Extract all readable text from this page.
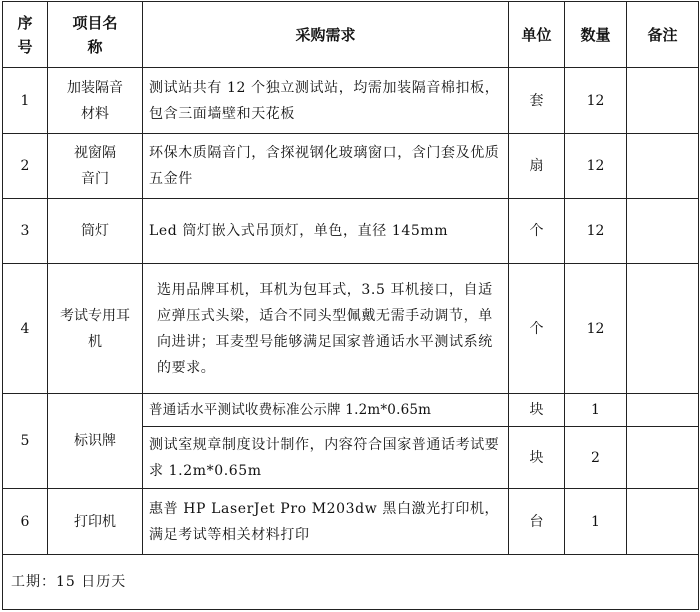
序号	项目名称	采购需求	单位	数量	备注
1	加装隔音材料	测试站共有 12 个独立测试站，均需加装隔音棉扣板，包含三面墙壁和天花板	套	12	
2	视窗隔音门	环保木质隔音门，含探视钢化玻璃窗口，含门套及优质五金件	扇	12	
3	筒灯	Led 筒灯嵌入式吊顶灯，单色，直径 145mm	个	12	
4	考试专用耳机	选用品牌耳机，耳机为包耳式，3.5 耳机接口，自适应弹压式头梁，适合不同头型佩戴无需手动调节，单向进讲；耳麦型号能够满足国家普通话水平测试系统的要求。	个	12	
5	标识牌	普通话水平测试收费标准公示牌 1.2m*0.65m	块	1	
		测试室规章制度设计制作，内容符合国家普通话考试要求 1.2m*0.65m	块	2	
6	打印机	惠普 HP LaserJet Pro M203dw 黑白激光打印机，满足考试等相关材料打印	台	1	
工期：15 日历天					
